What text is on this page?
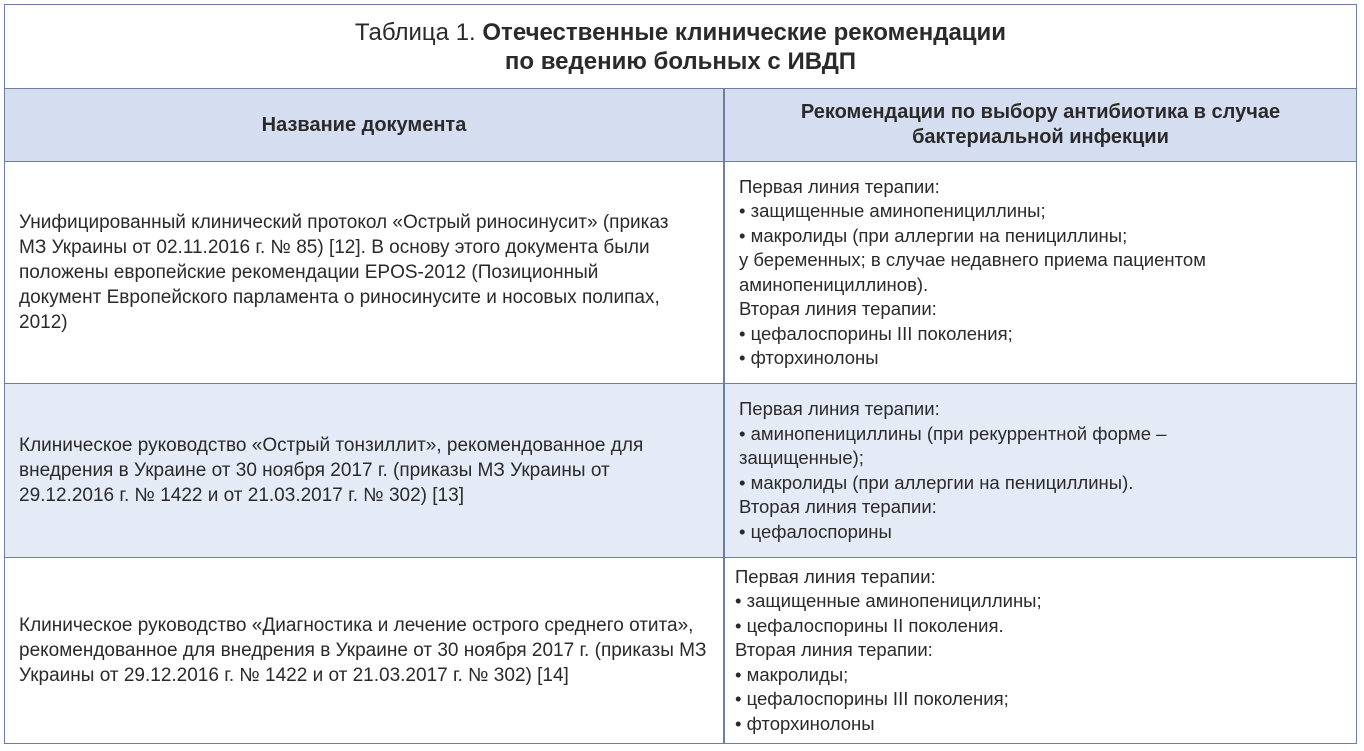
Таблица 1. Отечественные клинические рекомендации
по ведению больных с ИВДП
Название документа
Рекомендации по выбору антибиотика в случае
бактериальной инфекции
Унифицированный клинический протокол «Острый риносинусит» (приказ МЗ Украины от 02.11.2016 г. № 85) [12]. В основу этого документа были положены европейские рекомендации EPOS-2012 (Позиционный документ Европейского парламента о риносинусите и носовых полипах, 2012)
Первая линия терапии:
• защищенные аминопенициллины;
• макролиды (при аллергии на пенициллины;
у беременных; в случае недавнего приема пациентом
аминопенициллинов).
Вторая линия терапии:
• цефалоспорины III поколения;
• фторхинолоны
Клиническое руководство «Острый тонзиллит», рекомендованное для внедрения в Украине от 30 ноября 2017 г. (приказы МЗ Украины от 29.12.2016 г. № 1422 и от 21.03.2017 г. № 302) [13]
Первая линия терапии:
• аминопенициллины (при рекуррентной форме –
защищенные);
• макролиды (при аллергии на пенициллины).
Вторая линия терапии:
• цефалоспорины
Клиническое руководство «Диагностика и лечение острого среднего отита», рекомендованное для внедрения в Украине от 30 ноября 2017 г. (приказы МЗ Украины от 29.12.2016 г. № 1422 и от 21.03.2017 г. № 302) [14]
Первая линия терапии:
• защищенные аминопенициллины;
• цефалоспорины II поколения.
Вторая линия терапии:
• макролиды;
• цефалоспорины III поколения;
• фторхинолоны
